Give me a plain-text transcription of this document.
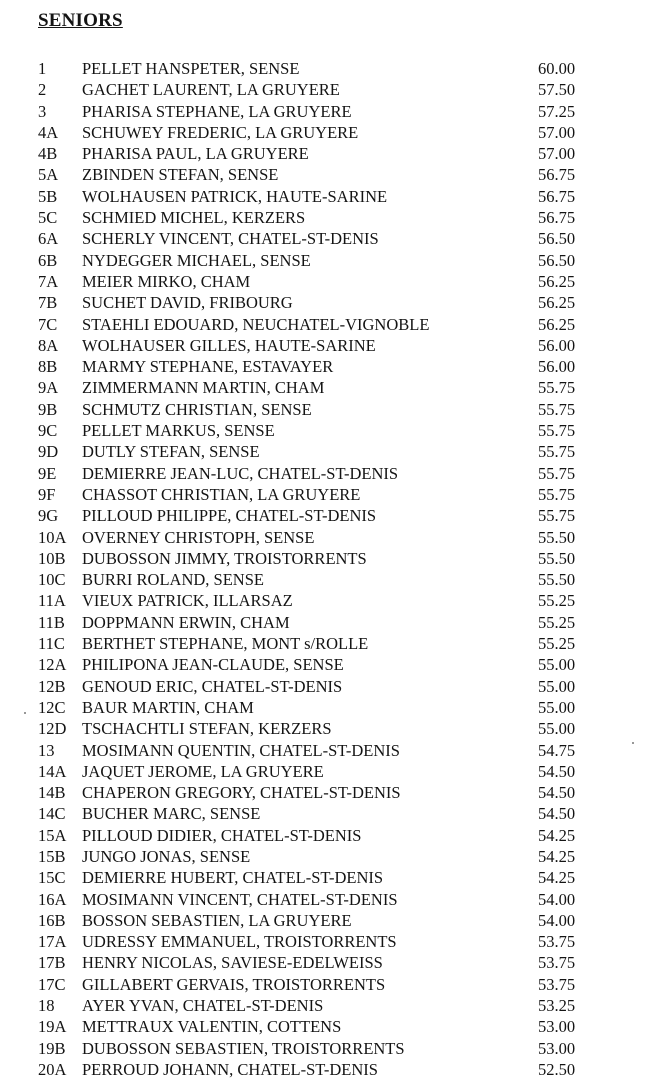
SENIORS
1 PELLET HANSPETER, SENSE	60.00
2 GACHET LAURENT, LA GRUYERE	57.50
3 PHARISA STEPHANE, LA GRUYERE	57.25
4A SCHUWEY FREDERIC, LA GRUYERE	57.00
4B PHARISA PAUL, LA GRUYERE	57.00
5A ZBINDEN STEFAN, SENSE	56.75
5B WOLHAUSEN PATRICK, HAUTE-SARINE	56.75
5C SCHMIED MICHEL, KERZERS	56.75
6A SCHERLY VINCENT, CHATEL-ST-DENIS	56.50
6B NYDEGGER MICHAEL, SENSE	56.50
7A MEIER MIRKO, CHAM	56.25
7B SUCHET DAVID, FRIBOURG	56.25
7C STAEHLI EDOUARD, NEUCHATEL-VIGNOBLE	56.25
8A WOLHAUSER GILLES, HAUTE-SARINE	56.00
8B MARMY STEPHANE, ESTAVAYER	56.00
9A ZIMMERMANN MARTIN, CHAM	55.75
9B SCHMUTZ CHRISTIAN, SENSE	55.75
9C PELLET MARKUS, SENSE	55.75
9D DUTLY STEFAN, SENSE	55.75
9E DEMIERRE JEAN-LUC, CHATEL-ST-DENIS	55.75
9F CHASSOT CHRISTIAN, LA GRUYERE	55.75
9G PILLOUD PHILIPPE, CHATEL-ST-DENIS	55.75
10A OVERNEY CHRISTOPH, SENSE	55.50
10B DUBOSSON JIMMY, TROISTORRENTS	55.50
10C BURRI ROLAND, SENSE	55.50
11A VIEUX PATRICK, ILLARSAZ	55.25
11B DOPPMANN ERWIN, CHAM	55.25
11C BERTHET STEPHANE, MONT s/ROLLE	55.25
12A PHILIPONA JEAN-CLAUDE, SENSE	55.00
12B GENOUD ERIC, CHATEL-ST-DENIS	55.00
12C BAUR MARTIN, CHAM	55.00
12D TSCHACHTLI STEFAN, KERZERS	55.00
13 MOSIMANN QUENTIN, CHATEL-ST-DENIS	54.75
14A JAQUET JEROME, LA GRUYERE	54.50
14B CHAPERON GREGORY, CHATEL-ST-DENIS	54.50
14C BUCHER MARC, SENSE	54.50
15A PILLOUD DIDIER, CHATEL-ST-DENIS	54.25
15B JUNGO JONAS, SENSE	54.25
15C DEMIERRE HUBERT, CHATEL-ST-DENIS	54.25
16A MOSIMANN VINCENT, CHATEL-ST-DENIS	54.00
16B BOSSON SEBASTIEN, LA GRUYERE	54.00
17A UDRESSY EMMANUEL, TROISTORRENTS	53.75
17B HENRY NICOLAS, SAVIESE-EDELWEISS	53.75
17C GILLABERT GERVAIS, TROISTORRENTS	53.75
18 AYER YVAN, CHATEL-ST-DENIS	53.25
19A METTRAUX VALENTIN, COTTENS	53.00
19B DUBOSSON SEBASTIEN, TROISTORRENTS	53.00
20A PERROUD JOHANN, CHATEL-ST-DENIS	52.50
